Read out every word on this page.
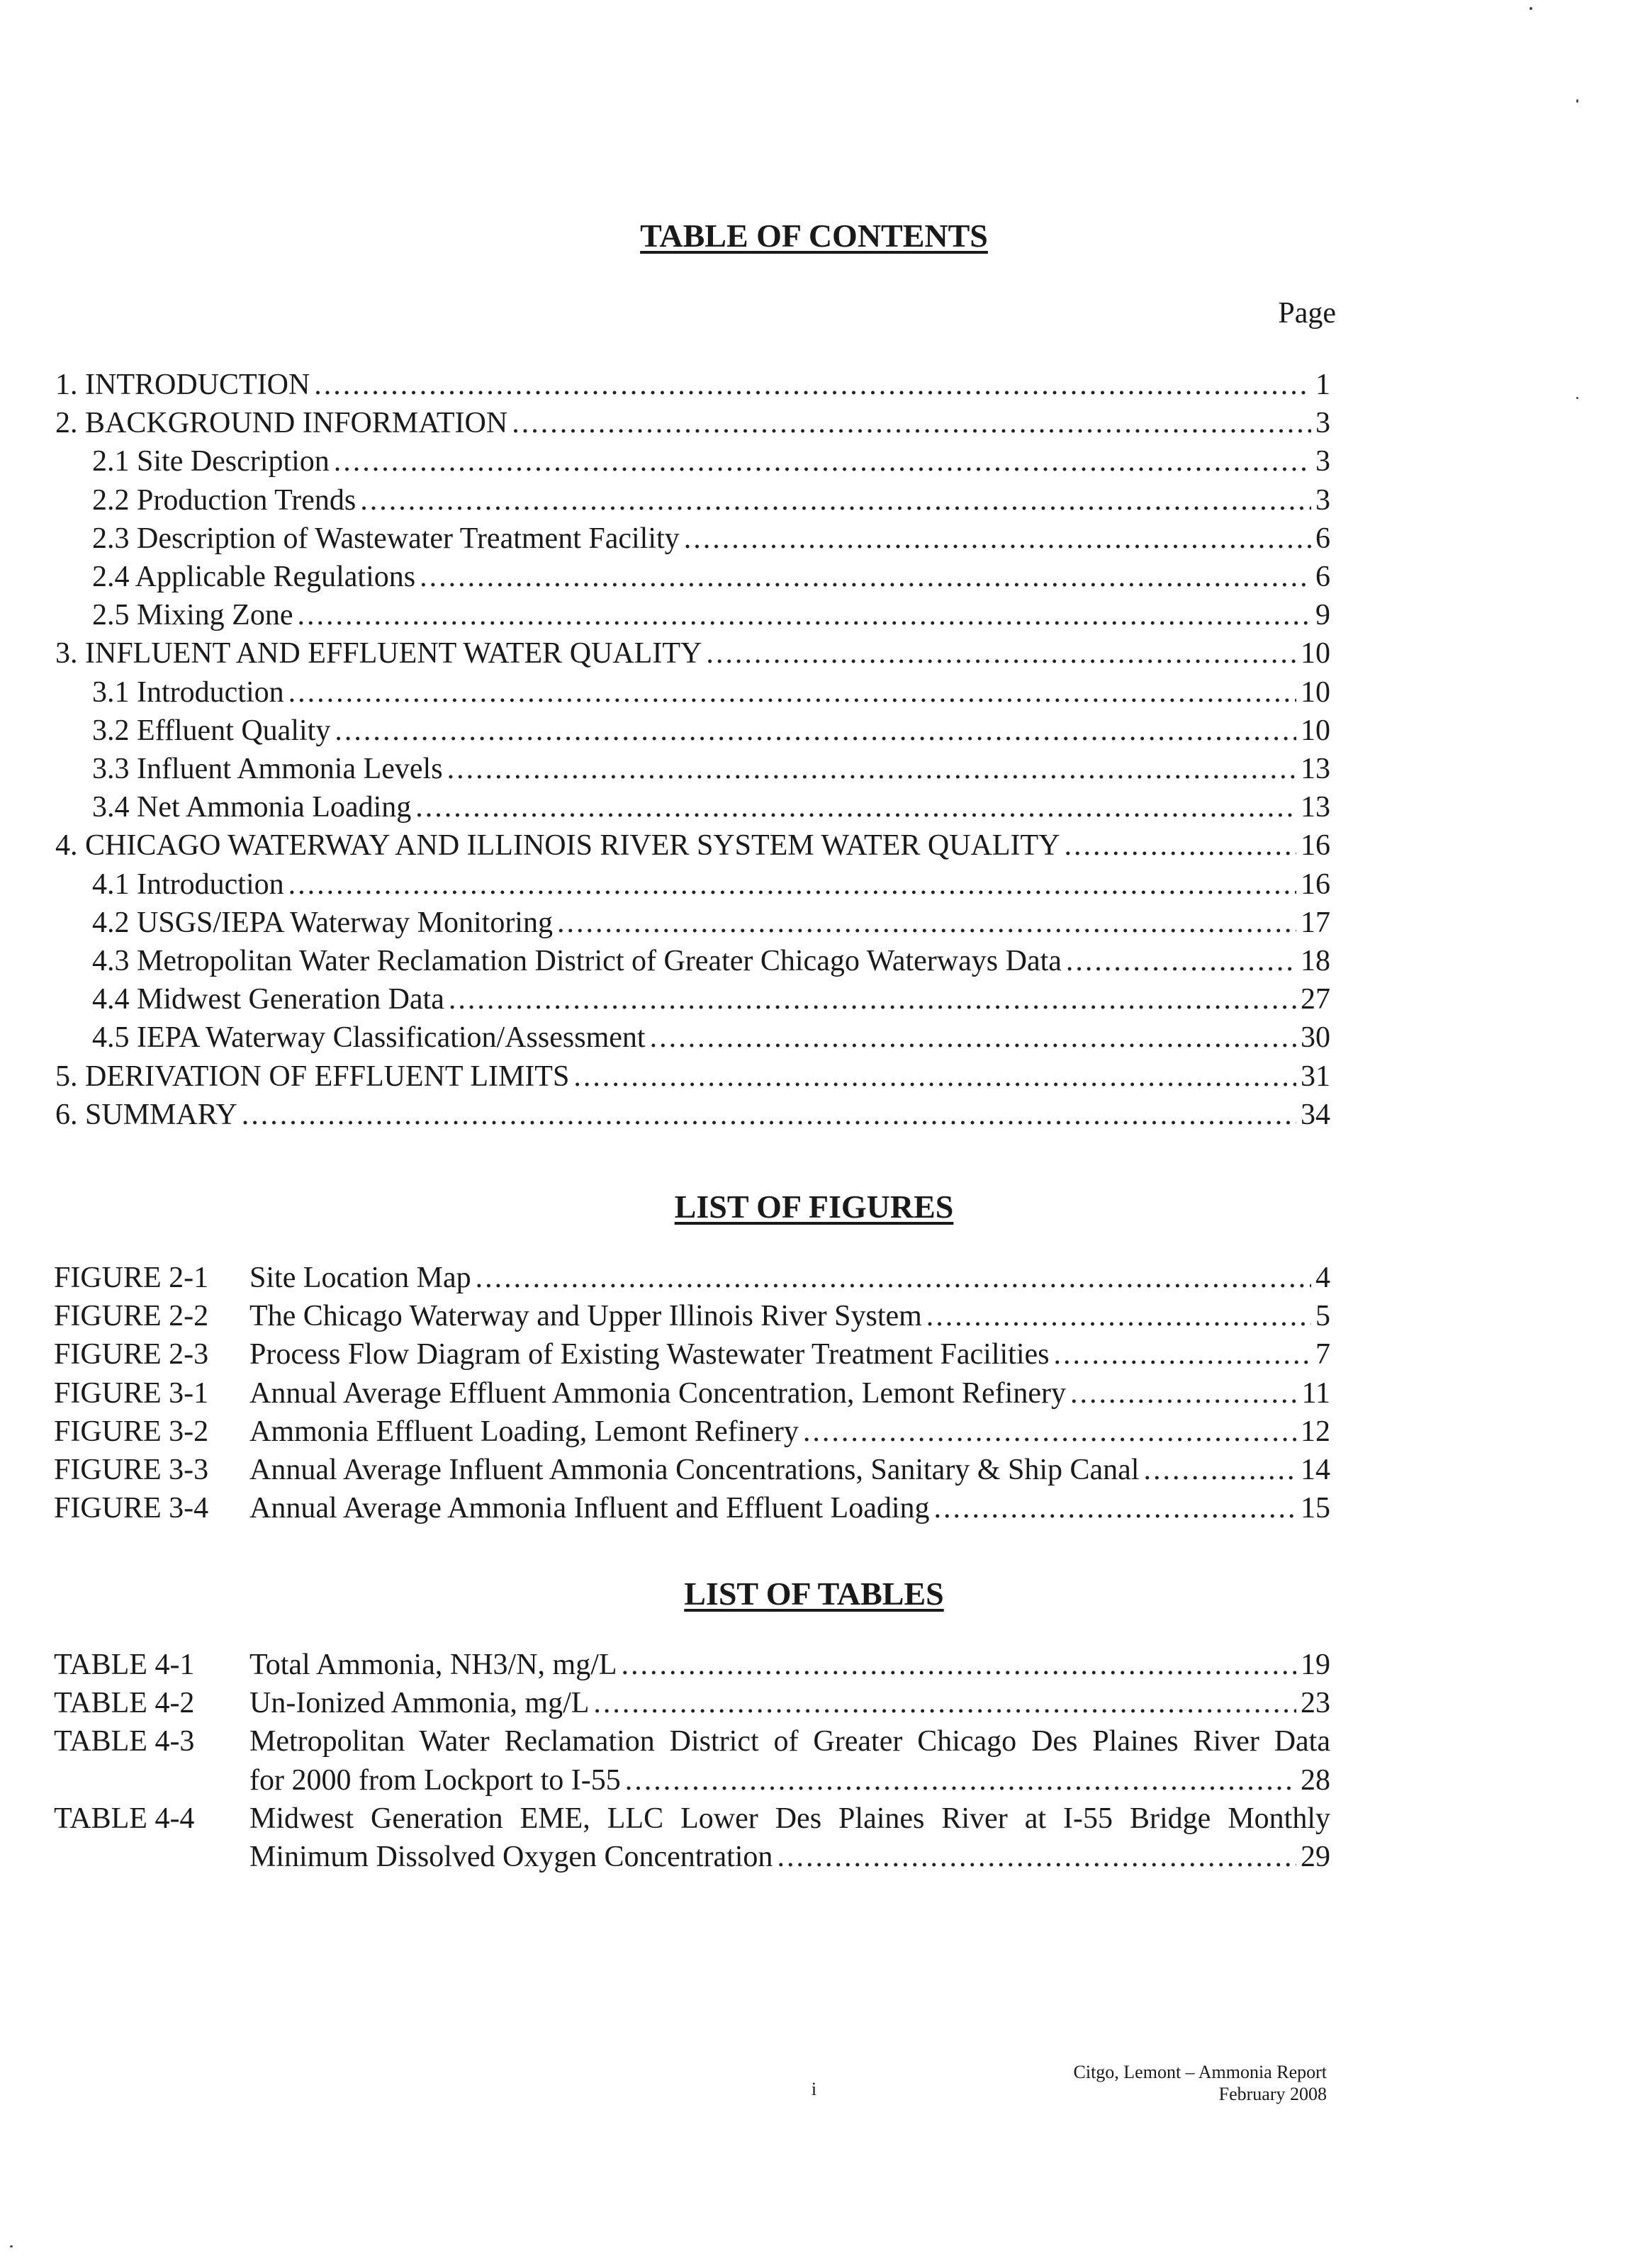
TABLE OF CONTENTS
Page
1. INTRODUCTION .....	1
2. BACKGROUND INFORMATION .....	3
2.1 Site Description .....	3
2.2 Production Trends .....	3
2.3 Description of Wastewater Treatment Facility .....	6
2.4 Applicable Regulations .....	6
2.5 Mixing Zone .....	9
3. INFLUENT AND EFFLUENT WATER QUALITY .....	10
3.1 Introduction .....	10
3.2 Effluent Quality .....	10
3.3 Influent Ammonia Levels .....	13
3.4 Net Ammonia Loading .....	13
4. CHICAGO WATERWAY AND ILLINOIS RIVER SYSTEM WATER QUALITY .....	16
4.1 Introduction .....	16
4.2 USGS/IEPA Waterway Monitoring .....	17
4.3 Metropolitan Water Reclamation District of Greater Chicago Waterways Data .....	18
4.4 Midwest Generation Data .....	27
4.5 IEPA Waterway Classification/Assessment .....	30
5. DERIVATION OF EFFLUENT LIMITS .....	31
6. SUMMARY .....	34
LIST OF FIGURES
FIGURE 2-1 Site Location Map .....	4
FIGURE 2-2 The Chicago Waterway and Upper Illinois River System .....	5
FIGURE 2-3 Process Flow Diagram of Existing Wastewater Treatment Facilities .....	7
FIGURE 3-1 Annual Average Effluent Ammonia Concentration, Lemont Refinery .....	11
FIGURE 3-2 Ammonia Effluent Loading, Lemont Refinery .....	12
FIGURE 3-3 Annual Average Influent Ammonia Concentrations, Sanitary & Ship Canal .....	14
FIGURE 3-4 Annual Average Ammonia Influent and Effluent Loading .....	15
LIST OF TABLES
TABLE 4-1 Total Ammonia, NH3/N, mg/L .....	19
TABLE 4-2 Un-Ionized Ammonia, mg/L .....	23
TABLE 4-3 Metropolitan Water Reclamation District of Greater Chicago Des Plaines River Data
for 2000 from Lockport to I-55 .....	28
TABLE 4-4 Midwest Generation EME, LLC Lower Des Plaines River at I-55 Bridge Monthly
Minimum Dissolved Oxygen Concentration .....	29
Citgo, Lemont – Ammonia Report
February 2008
i
